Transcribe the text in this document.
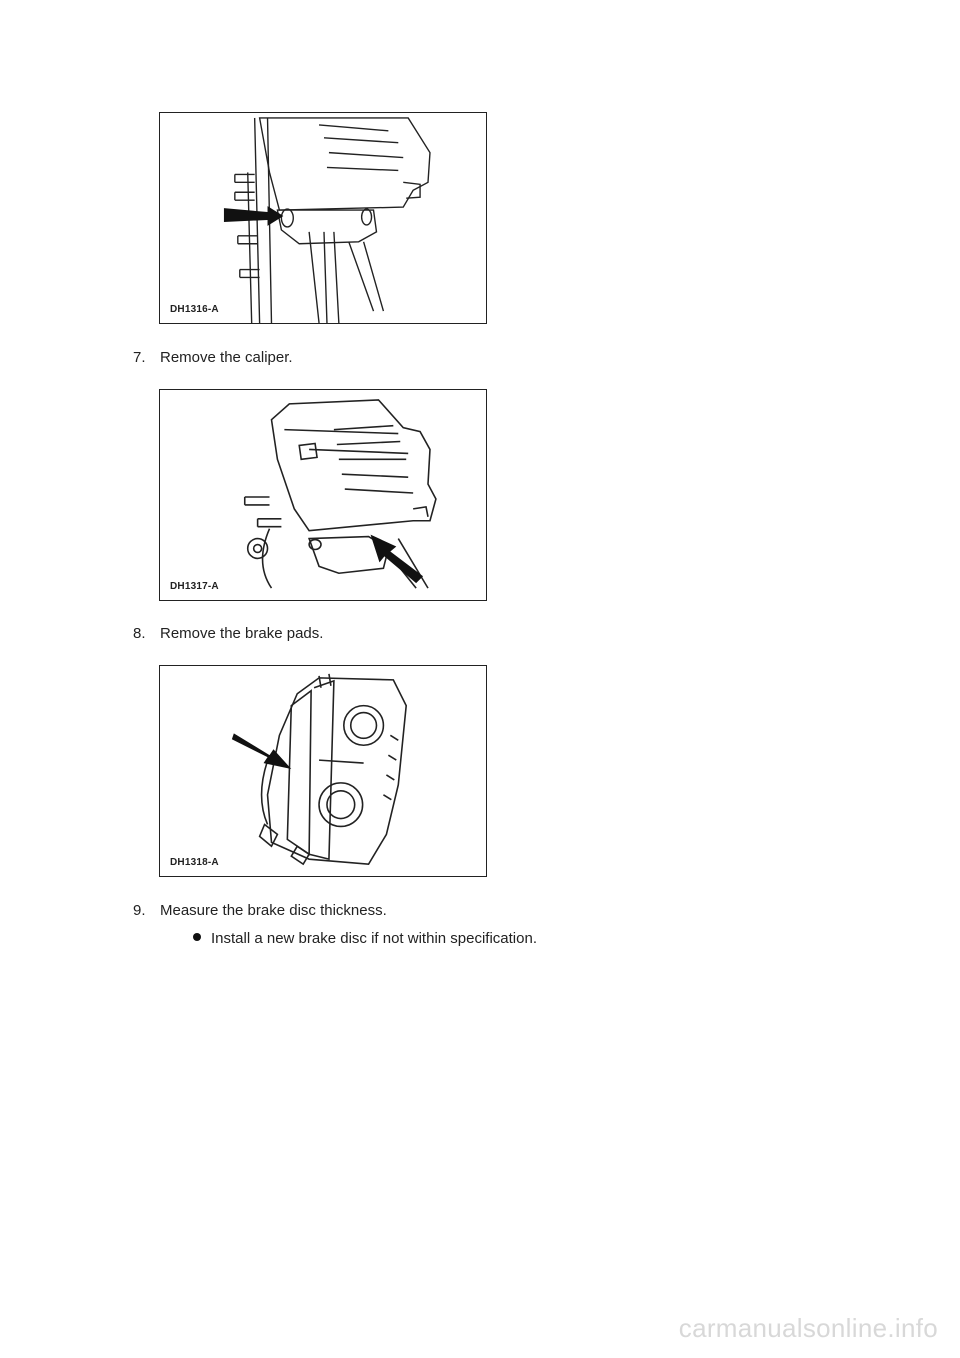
DH1316-A
7. Remove the caliper.
DH1317-A
8. Remove the brake pads.
DH1318-A
9. Measure the brake disc thickness.
Install a new brake disc if not within specification.
carmanualsonline.info
